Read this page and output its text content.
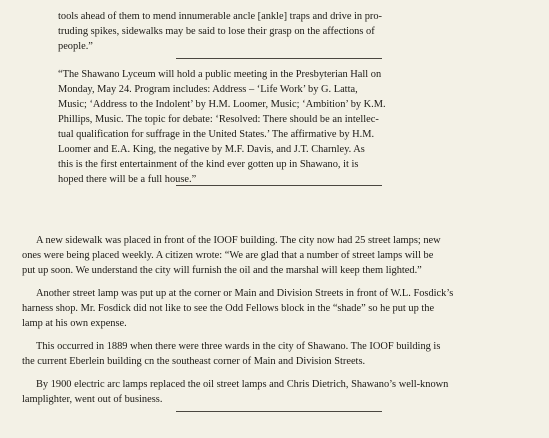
tools ahead of them to mend innumerable ancle [ankle] traps and drive in pro-
truding spikes, sidewalks may be said to lose their grasp on the affections of
people.”
“The Shawano Lyceum will hold a public meeting in the Presbyterian Hall on
Monday, May 24. Program includes: Address – ‘Life Work’ by G. Latta,
Music; ‘Address to the Indolent’ by H.M. Loomer, Music; ‘Ambition’ by K.M.
Phillips, Music. The topic for debate: ‘Resolved: There should be an intellec-
tual qualification for suffrage in the United States.’ The affirmative by H.M.
Loomer and E.A. King, the negative by M.F. Davis, and J.T. Charnley. As
this is the first entertainment of the kind ever gotten up in Shawano, it is
hoped there will be a full house.”
A new sidewalk was placed in front of the IOOF building. The city now had 25 street lamps; new
ones were being placed weekly. A citizen wrote: “We are glad that a number of street lamps will be
put up soon. We understand the city will furnish the oil and the marshal will keep them lighted.”
Another street lamp was put up at the corner or Main and Division Streets in front of W.L. Fosdick’s
harness shop. Mr. Fosdick did not like to see the Odd Fellows block in the “shade” so he put up the
lamp at his own expense.
This occurred in 1889 when there were three wards in the city of Shawano. The IOOF building is
the current Eberlein building cn the southeast corner of Main and Division Streets.
By 1900 electric arc lamps replaced the oil street lamps and Chris Dietrich, Shawano’s well-known
lamplighter, went out of business.
